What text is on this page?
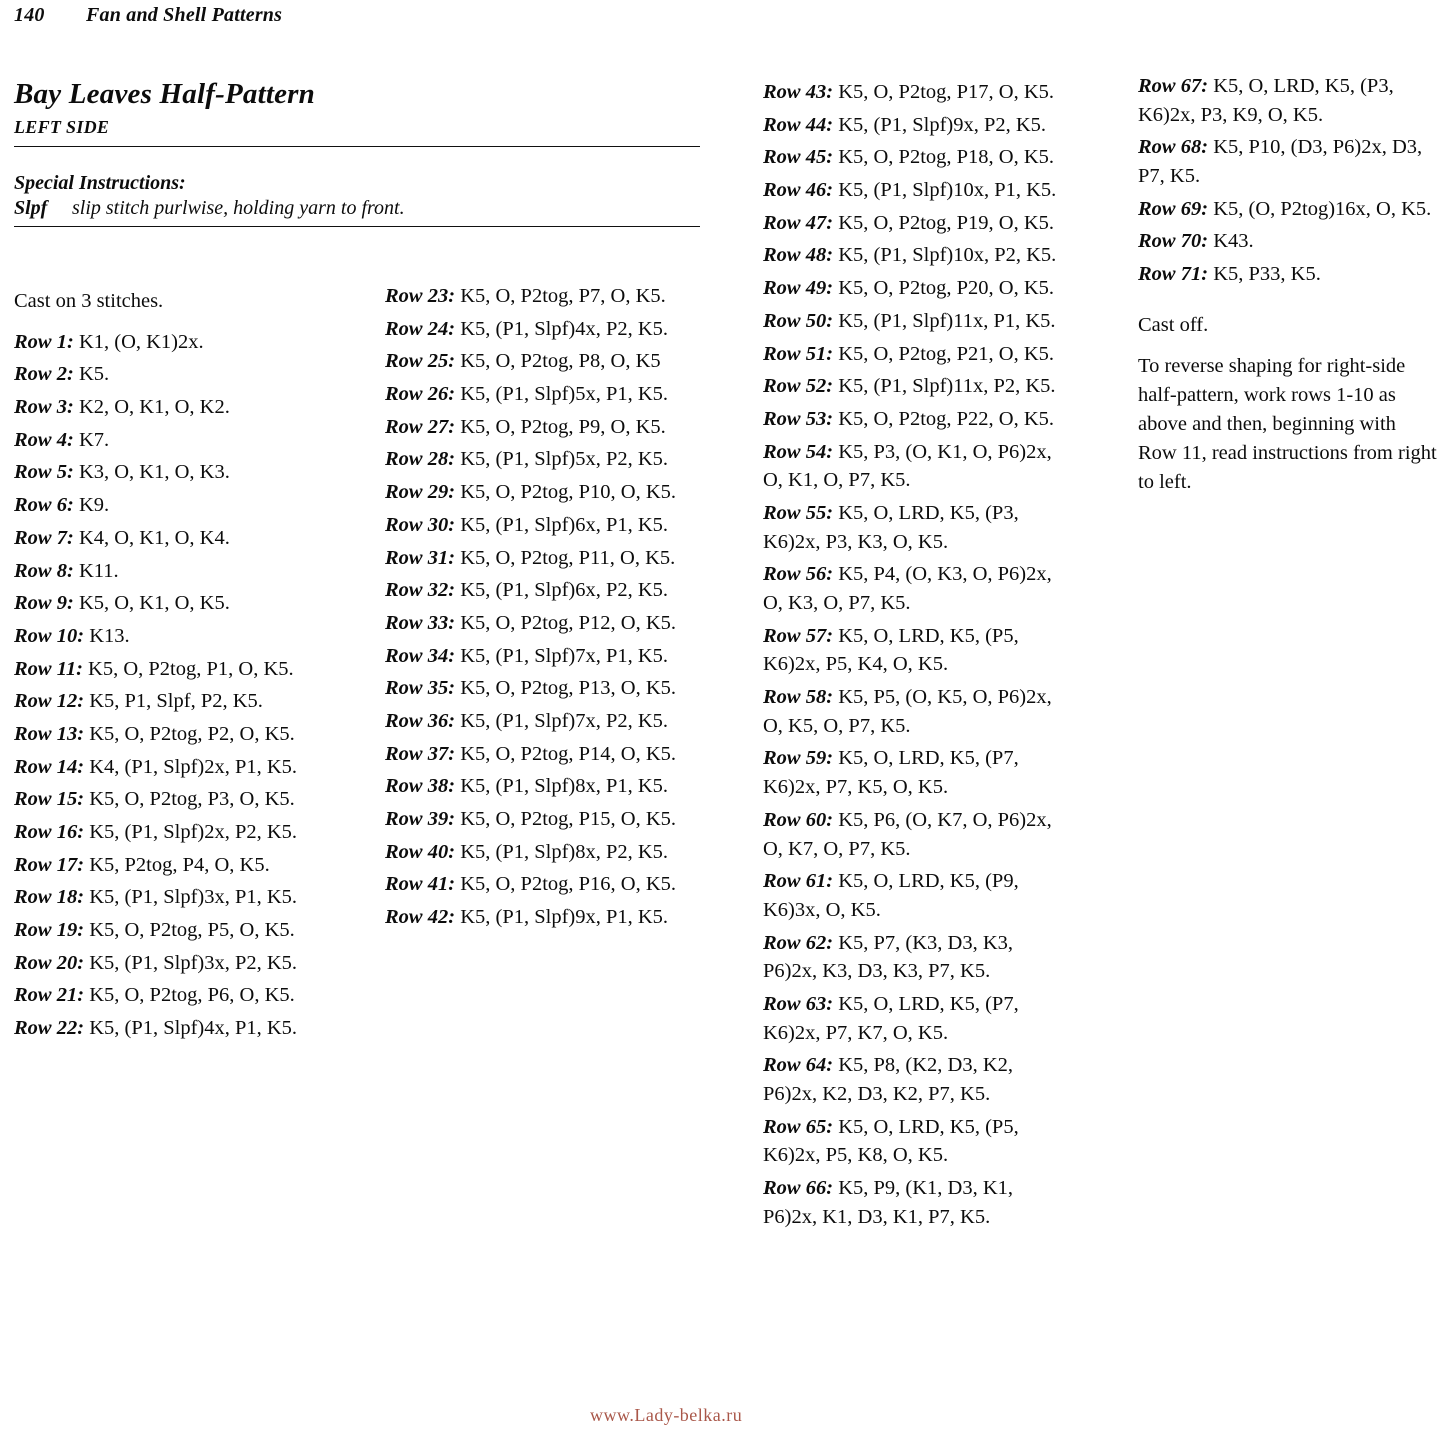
140 Fan and Shell Patterns
Bay Leaves Half-Pattern
LEFT SIDE

Special Instructions:

Slpf slip stitch purlwise, holding yarn to front.

Cast on 3 stitches.

Row 1: K1, (O, K1)2x.

Row 2: K5.

Row 3: K2, O, K1, O, K2.

Row 4: K7.

Row 5: K3, O, K1, O, K3.

Row 6: K9.

Row 7: K4, O, K1, O, K4.

Row 8: K11.

Row 9: K5, O, K1, O, K5.

Row 10: K13.

Row 11: K5, O, P2tog, P1, O, K5.

Row 12: K5, P1, Slpf, P2, K5.

Row 13: K5, O, P2tog, P2, O, K5.

Row 14: K4, (P1, Slpf)2x, P1, K5.

Row 15: K5, O, P2tog, P3, O, K5.

Row 16: K5, (P1, Slpf)2x, P2, K5.

Row 17: K5, P2tog, P4, O, K5.

Row 18: K5, (P1, Slpf)3x, P1, K5.

Row 19: K5, O, P2tog, P5, O, K5.

Row 20: K5, (P1, Slpf)3x, P2, K5.

Row 21: K5, O, P2tog, P6, O, K5.

Row 22: K5, (P1, Slpf)4x, P1, K5.

Row 23: K5, O, P2tog, P7, O, K5.

Row 24: K5, (P1, Slpf)4x, P2, K5.

Row 25: K5, O, P2tog, P8, O, K5

Row 26: K5, (P1, Slpf)5x, P1, K5.

Row 27: K5, O, P2tog, P9, O, K5.

Row 28: K5, (P1, Slpf)5x, P2, K5.

Row 29: K5, O, P2tog, P10, O, K5.

Row 30: K5, (P1, Slpf)6x, P1, K5.

Row 31: K5, O, P2tog, P11, O, K5.

Row 32: K5, (P1, Slpf)6x, P2, K5.

Row 33: K5, O, P2tog, P12, O, K5.

Row 34: K5, (P1, Slpf)7x, P1, K5.

Row 35: K5, O, P2tog, P13, O, K5.

Row 36: K5, (P1, Slpf)7x, P2, K5.

Row 37: K5, O, P2tog, P14, O, K5.

Row 38: K5, (P1, Slpf)8x, P1, K5.

Row 39: K5, O, P2tog, P15, O, K5.

Row 40: K5, (P1, Slpf)8x, P2, K5.

Row 41: K5, O, P2tog, P16, O, K5.

Row 42: K5, (P1, Slpf)9x, P1, K5.

Row 43: K5, O, P2tog, P17, O, K5.

Row 44: K5, (P1, Slpf)9x, P2, K5.

Row 45: K5, O, P2tog, P18, O, K5.

Row 46: K5, (P1, Slpf)10x, P1, K5.

Row 47: K5, O, P2tog, P19, O, K5.

Row 48: K5, (P1, Slpf)10x, P2, K5.

Row 49: K5, O, P2tog, P20, O, K5.

Row 50: K5, (P1, Slpf)11x, P1, K5.

Row 51: K5, O, P2tog, P21, O, K5.

Row 52: K5, (P1, Slpf)11x, P2, K5.

Row 53: K5, O, P2tog, P22, O, K5.

Row 54: K5, P3, (O, K1, O, P6)2x, O, K1, O, P7, K5.

Row 55: K5, O, LRD, K5, (P3, K6)2x, P3, K3, O, K5.

Row 56: K5, P4, (O, K3, O, P6)2x, O, K3, O, P7, K5.

Row 57: K5, O, LRD, K5, (P5, K6)2x, P5, K4, O, K5.

Row 58: K5, P5, (O, K5, O, P6)2x, O, K5, O, P7, K5.

Row 59: K5, O, LRD, K5, (P7, K6)2x, P7, K5, O, K5.

Row 60: K5, P6, (O, K7, O, P6)2x, O, K7, O, P7, K5.

Row 61: K5, O, LRD, K5, (P9, K6)3x, O, K5.

Row 62: K5, P7, (K3, D3, K3, P6)2x, K3, D3, K3, P7, K5.

Row 63: K5, O, LRD, K5, (P7, K6)2x, P7, K7, O, K5.

Row 64: K5, P8, (K2, D3, K2, P6)2x, K2, D3, K2, P7, K5.

Row 65: K5, O, LRD, K5, (P5, K6)2x, P5, K8, O, K5.

Row 66: K5, P9, (K1, D3, K1, P6)2x, K1, D3, K1, P7, K5.

Row 67: K5, O, LRD, K5, (P3, K6)2x, P3, K9, O, K5.

Row 68: K5, P10, (D3, P6)2x, D3, P7, K5.

Row 69: K5, (O, P2tog)16x, O, K5.

Row 70: K43.

Row 71: K5, P33, K5.

Cast off.

To reverse shaping for right-side half-pattern, work rows 1-10 as above and then, beginning with Row 11, read instructions from right to left.

www.Lady-belka.ru
